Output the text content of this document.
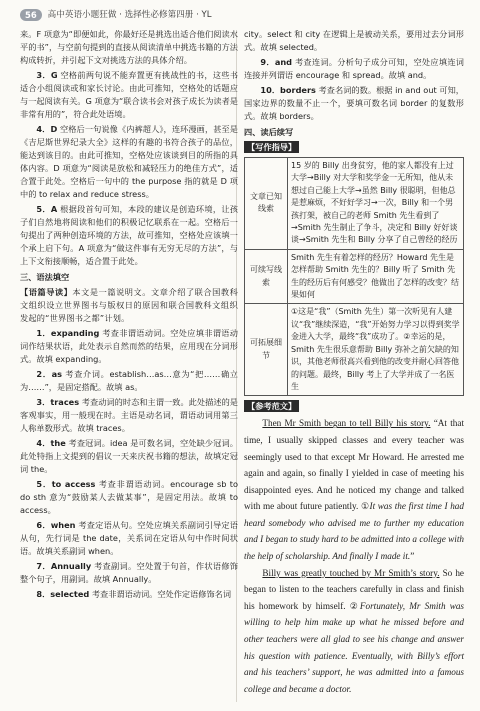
56	高中英语小题狂做 · 选择性必修第四册 · YL

来。F 项意为“即便如此，你最好还是挑选出适合他们阅读水平的书”，与空前句提到的直接从阅读清单中挑选书籍的方法构成转折，并引起下文对挑选方法的具体介绍。

3．G 空格前两句说不能弃置更有挑战性的书，这些书适合小组阅读或和家长讨论。由此可推知，空格处的话题应与一起阅读有关。G 项意为“联合读书会对孩子成长为读者是非常有用的”，符合此处语境。

4．D 空格后一句说像《内裤超人》，连环漫画，甚至是《吉尼斯世界纪录大全》这样的有趣的书符合孩子的品位，能达到该目的。由此可推知，空格处应该谈到目的所指的具体内容。D 项意为“阅读是放松和减轻压力的绝佳方式”，适合置于此处。空格后一句中的 the purpose 指的就是 D 项中的 to relax and reduce stress。

5．A 根据段首句可知，本段的建议是创造环境，让孩子们自然地将阅读和他们的积极记忆联系在一起。空格后一句提出了两种创造环境的方法，故可推知，空格处应该填一个承上启下句。A 项意为“做这件事有无穷无尽的方法”，与上下文衔接顺畅，适合置于此处。

三、语法填空

【语篇导读】本文是一篇说明文。文章介绍了联合国教科文组织设立世界图书与版权日的原因和联合国教科文组织发起的“世界图书之都”计划。

1．expanding 考查非谓语动词。空处应填非谓语动词作结果状语，此处表示自然而然的结果，应用现在分词形式。故填 expanding。

2．as 考查介词。establish…as…意为“把……确立为……”，是固定搭配。故填 as。

3．traces 考查动词的时态和主谓一致。此处描述的是客观事实，用一般现在时。主语是动名词，谓语动词用第三人称单数形式。故填 traces。

4．the 考查冠词。idea 是可数名词，空处缺少冠词。此处特指上文提到的倡议一天来庆祝书籍的想法，故填定冠词 the。

5．to access 考查非谓语动词。encourage sb to do sth 意为“鼓励某人去做某事”，是固定用法。故填 to access。

6．when 考查定语从句。空处应填关系副词引导定语从句，先行词是 the date，关系词在定语从句中作时间状语。故填关系副词 when。

7．Annually 考查副词。空处置于句首，作状语修饰整个句子，用副词。故填 Annually。

8．selected 考查非谓语动词。空处作定语修饰名词

city。select 和 city 在逻辑上是被动关系，要用过去分词形式。故填 selected。

9．and 考查连词。分析句子成分可知，空处应填连词连接并列谓语 encourage 和 spread。故填 and。

10．borders 考查名词的数。根据 in and out 可知，国家边界的数量不止一个，要填可数名词 border 的复数形式。故填 borders。

四、读后续写
【写作指导】
文章已知线索	15 岁的 Billy 出身贫穷，他的家人都没有上过大学→Billy 对大学和奖学金一无所知，他从未想过自己能上大学→虽然 Billy 很聪明，但他总是惹麻烦，不好好学习→一次，Billy 和一个男孩打架，被自己的老师 Smith 先生看到了→Smith 先生制止了争斗，决定和 Billy 好好谈谈→Smith 先生和 Billy 分享了自己曾经的经历
可续写线索	Smith 先生有着怎样的经历？Howard 先生是怎样帮助 Smith 先生的？Billy 听了 Smith 先生的经历后有何感受？他做出了怎样的改变？结果如何
可拓展细节	①这是“我”（Smith 先生）第一次听见有人建议“我”继续深造，“我”开始努力学习以得到奖学金进入大学，最终“我”成功了。②幸运的是，Smith 先生很乐意帮助 Billy 弥补之前欠缺的知识，其他老师很高兴看到他的改变并耐心回答他的问题。最终，Billy 考上了大学并成了一名医生
【参考范文】

Then Mr Smith began to tell Billy his story. “At that time, I usually skipped classes and every teacher was seemingly used to that except Mr Howard. He arrested me again and again, so finally I yielded in case of meeting his disappointed eyes. And he noticed my change and talked with me about future patiently. ①It was the first time I had heard somebody who advised me to further my education and I began to study hard to be admitted into a college with the help of scholarship. And finally I made it.”

Billy was greatly touched by Mr Smith’s story. So he began to listen to the teachers carefully in class and finish his homework by himself. ②Fortunately, Mr Smith was willing to help him make up what he missed before and other teachers were all glad to see his change and answer his question with patience. Eventually, with Billy’s effort and his teachers’ support, he was admitted into a famous college and became a doctor.
